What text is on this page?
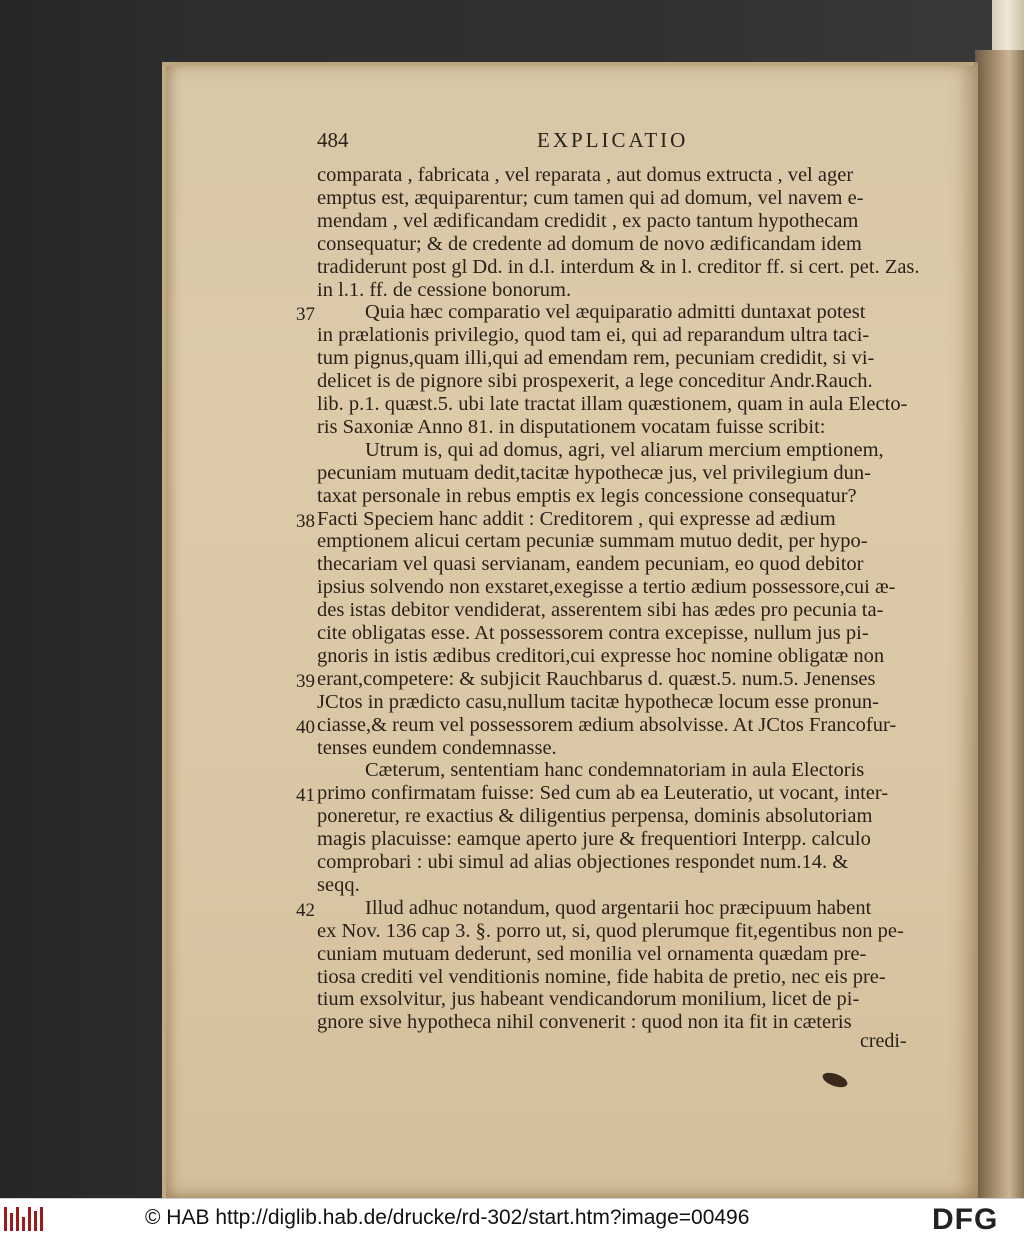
484	EXPLICATIO
comparata , fabricata , vel reparata , aut domus extructa , vel ager
emptus est, æquiparentur; cum tamen qui ad domum, vel navem e-
mendam , vel ædificandam credidit , ex pacto tantum hypothecam
consequatur; & de credente ad domum de novo ædificandam idem
tradiderunt post gl Dd. in d.l. interdum & in l. creditor ff. si cert. pet. Zas.
in l.1. ff. de cessione bonorum.
Quia hæc comparatio vel æquiparatio admitti duntaxat potest
in prælationis privilegio, quod tam ei, qui ad reparandum ultra taci-
tum pignus,quam illi,qui ad emendam rem, pecuniam credidit, si vi-
delicet is de pignore sibi prospexerit, a lege conceditur Andr.Rauch.
lib. p.1. quæst.5. ubi late tractat illam quæstionem, quam in aula Electo-
ris Saxoniæ Anno 81. in disputationem vocatam fuisse scribit:
Utrum is, qui ad domus, agri, vel aliarum mercium emptionem,
pecuniam mutuam dedit,tacitæ hypothecæ jus, vel privilegium dun-
taxat personale in rebus emptis ex legis concessione consequatur?
Facti Speciem hanc addit : Creditorem , qui expresse ad ædium
emptionem alicui certam pecuniæ summam mutuo dedit, per hypo-
thecariam vel quasi servianam, eandem pecuniam, eo quod debitor
ipsius solvendo non exstaret,exegisse a tertio ædium possessore,cui æ-
des istas debitor vendiderat, asserentem sibi has ædes pro pecunia ta-
cite obligatas esse. At possessorem contra excepisse, nullum jus pi-
gnoris in istis ædibus creditori,cui expresse hoc nomine obligatæ non
erant,competere: & subjicit Rauchbarus d. quæst.5. num.5. Jenenses
JCtos in prædicto casu,nullum tacitæ hypothecæ locum esse pronun-
ciasse,& reum vel possessorem ædium absolvisse. At JCtos Francofur-
tenses eundem condemnasse.
Cæterum, sententiam hanc condemnatoriam in aula Electoris
primo confirmatam fuisse: Sed cum ab ea Leuteratio, ut vocant, inter-
poneretur, re exactius & diligentius perpensa, dominis absolutoriam
magis placuisse: eamque aperto jure & frequentiori Interpp. calculo
comprobari : ubi simul ad alias objectiones respondet num.14. &
seqq.
Illud adhuc notandum, quod argentarii hoc præcipuum habent
ex Nov. 136 cap 3. §. porro ut, si, quod plerumque fit,egentibus non pe-
cuniam mutuam dederunt, sed monilia vel ornamenta quædam pre-
tiosa crediti vel venditionis nomine, fide habita de pretio, nec eis pre-
tium exsolvitur, jus habeant vendicandorum monilium, licet de pi-
gnore sive hypotheca nihil convenerit : quod non ita fit in cæteris
37
38
39
40
41
42
credi-
© HAB http://diglib.hab.de/drucke/rd-302/start.htm?image=00496	DFG
